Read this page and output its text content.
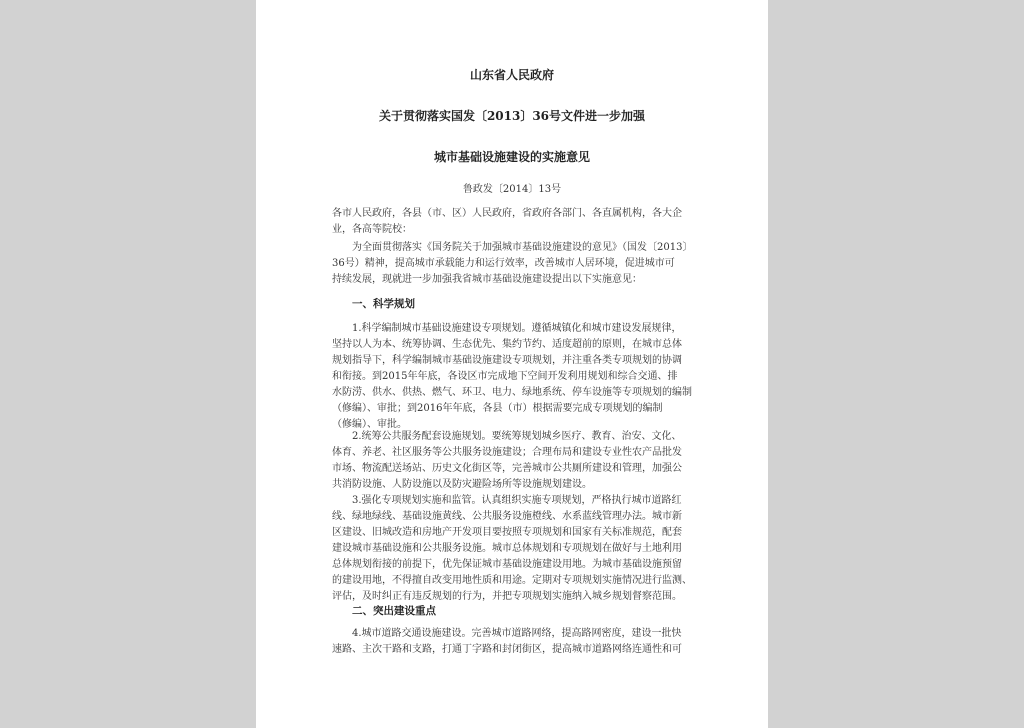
山东省人民政府
关于贯彻落实国发〔2013〕36号文件进一步加强
城市基础设施建设的实施意见
鲁政发〔2014〕13号

各市人民政府，各县（市、区）人民政府，省政府各部门、各直属机构，各大企
业，各高等院校：

　　为全面贯彻落实《国务院关于加强城市基础设施建设的意见》（国发〔2013〕
36号）精神，提高城市承载能力和运行效率，改善城市人居环境，促进城市可
持续发展，现就进一步加强我省城市基础设施建设提出以下实施意见：

一、科学规划

　　1.科学编制城市基础设施建设专项规划。遵循城镇化和城市建设发展规律，
坚持以人为本、统筹协调、生态优先、集约节约、适度超前的原则，在城市总体
规划指导下，科学编制城市基础设施建设专项规划，并注重各类专项规划的协调
和衔接。到2015年年底，各设区市完成地下空间开发利用规划和综合交通、排
水防涝、供水、供热、燃气、环卫、电力、绿地系统、停车设施等专项规划的编制
（修编）、审批；到2016年年底，各县（市）根据需要完成专项规划的编制
（修编）、审批。

　　2.统筹公共服务配套设施规划。要统筹规划城乡医疗、教育、治安、文化、
体育、养老、社区服务等公共服务设施建设；合理布局和建设专业性农产品批发
市场、物流配送场站、历史文化街区等，完善城市公共厕所建设和管理，加强公
共消防设施、人防设施以及防灾避险场所等设施规划建设。

　　3.强化专项规划实施和监管。认真组织实施专项规划，严格执行城市道路红
线、绿地绿线、基础设施黄线、公共服务设施橙线、水系蓝线管理办法。城市新
区建设、旧城改造和房地产开发项目要按照专项规划和国家有关标准规范，配套
建设城市基础设施和公共服务设施。城市总体规划和专项规划在做好与土地利用
总体规划衔接的前提下，优先保证城市基础设施建设用地。为城市基础设施预留
的建设用地，不得擅自改变用地性质和用途。定期对专项规划实施情况进行监测、
评估，及时纠正有违反规划的行为，并把专项规划实施纳入城乡规划督察范围。

二、突出建设重点

　　4.城市道路交通设施建设。完善城市道路网络，提高路网密度，建设一批快
速路、主次干路和支路，打通丁字路和封闭街区，提高城市道路网络连通性和可
